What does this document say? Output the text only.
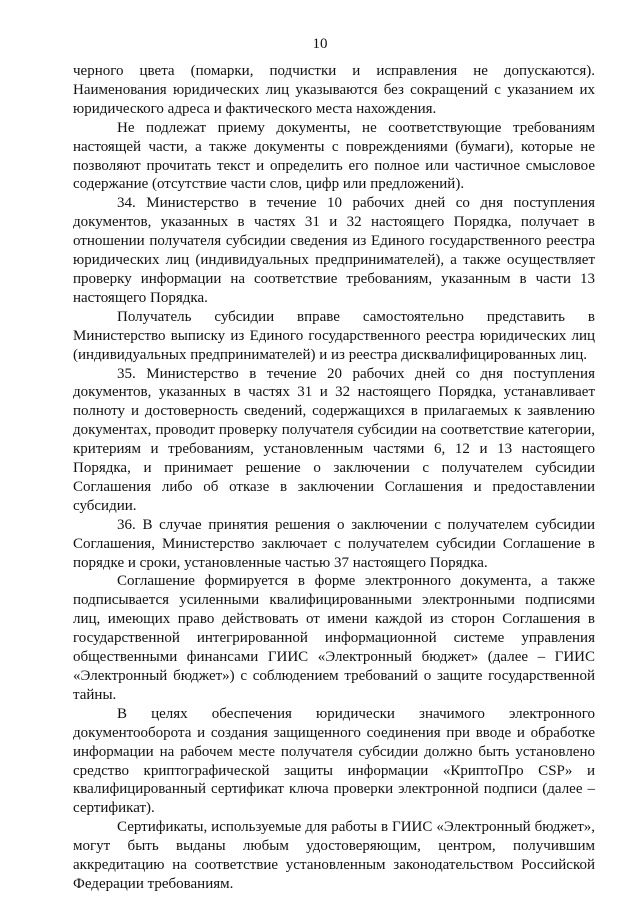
10

черного цвета (помарки, подчистки и исправления не допускаются). Наименования юридических лиц указываются без сокращений с указанием их юридического адреса и фактического места нахождения.

Не подлежат приему документы, не соответствующие требованиям настоящей части, а также документы с повреждениями (бумаги), которые не позволяют прочитать текст и определить его полное или частичное смысловое содержание (отсутствие части слов, цифр или предложений).

34. Министерство в течение 10 рабочих дней со дня поступления документов, указанных в частях 31 и 32 настоящего Порядка, получает в отношении получателя субсидии сведения из Единого государственного реестра юридических лиц (индивидуальных предпринимателей), а также осуществляет проверку информации на соответствие требованиям, указанным в части 13 настоящего Порядка.

Получатель субсидии вправе самостоятельно представить в Министерство выписку из Единого государственного реестра юридических лиц (индивидуальных предпринимателей) и из реестра дисквалифицированных лиц.

35. Министерство в течение 20 рабочих дней со дня поступления документов, указанных в частях 31 и 32 настоящего Порядка, устанавливает полноту и достоверность сведений, содержащихся в прилагаемых к заявлению документах, проводит проверку получателя субсидии на соответствие категории, критериям и требованиям, установленным частями 6, 12 и 13 настоящего Порядка, и принимает решение о заключении с получателем субсидии Соглашения либо об отказе в заключении Соглашения и предоставлении субсидии.

36. В случае принятия решения о заключении с получателем субсидии Соглашения, Министерство заключает с получателем субсидии Соглашение в порядке и сроки, установленные частью 37 настоящего Порядка.

Соглашение формируется в форме электронного документа, а также подписывается усиленными квалифицированными электронными подписями лиц, имеющих право действовать от имени каждой из сторон Соглашения в государственной интегрированной информационной системе управления общественными финансами ГИИС «Электронный бюджет» (далее – ГИИС «Электронный бюджет») с соблюдением требований о защите государственной тайны.

В целях обеспечения юридически значимого электронного документооборота и создания защищенного соединения при вводе и обработке информации на рабочем месте получателя субсидии должно быть установлено средство криптографической защиты информации «КриптоПро CSP» и квалифицированный сертификат ключа проверки электронной подписи (далее – сертификат).

Сертификаты, используемые для работы в ГИИС «Электронный бюджет», могут быть выданы любым удостоверяющим, центром, получившим аккредитацию на соответствие установленным законодательством Российской Федерации требованиям.
